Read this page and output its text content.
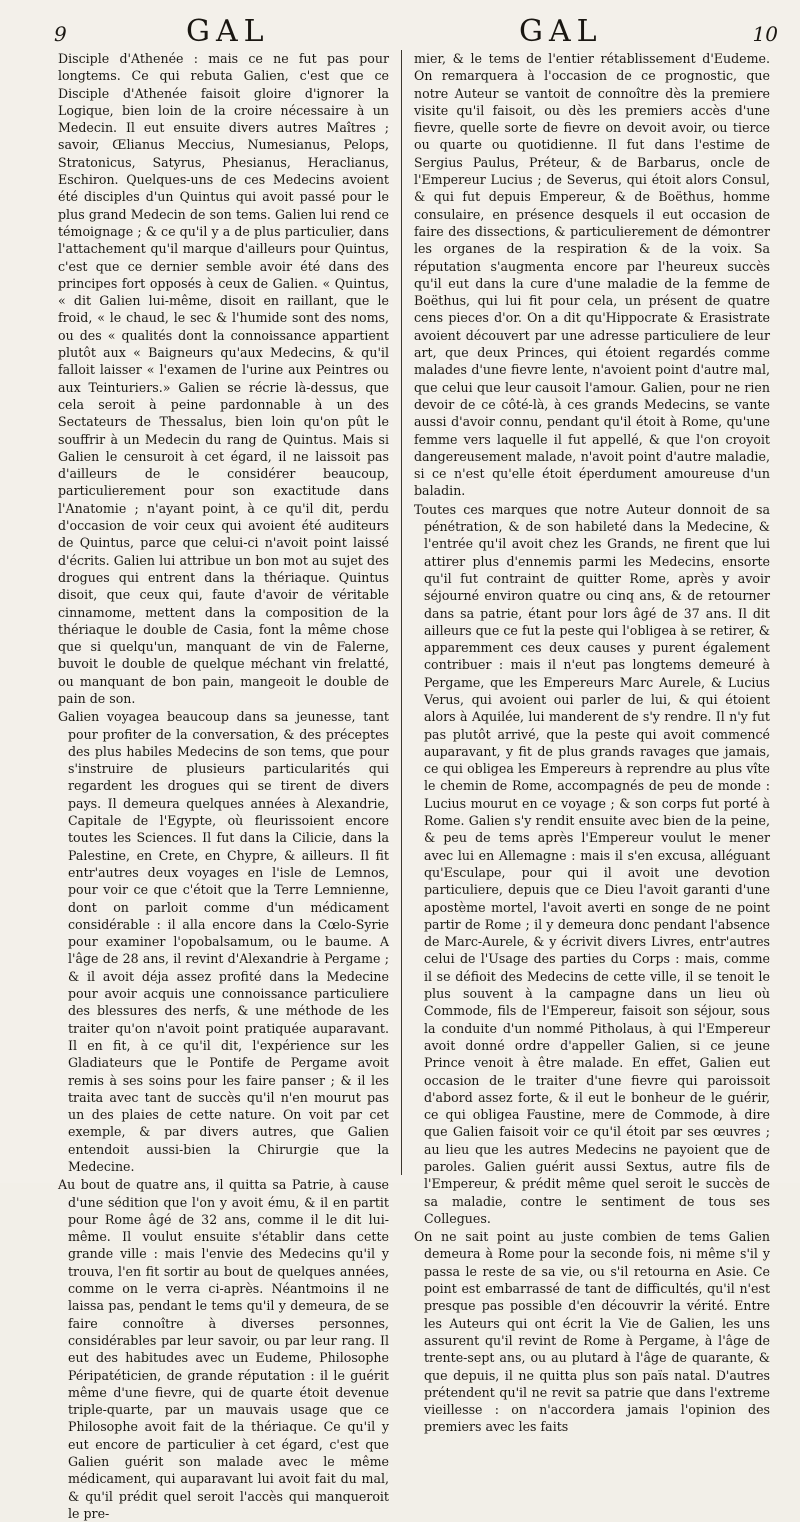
9	GAL	GAL	10

Disciple d'Athenée : mais ce ne fut pas pour longtems. Ce qui rebuta Galien, c'est que ce Disciple d'Athenée faisoit gloire d'ignorer la Logique, bien loin de la croire nécessaire à un Medecin. Il eut ensuite divers autres Maîtres ; savoir, Œlianus Meccius, Numesianus, Pelops, Stratonicus, Satyrus, Phesianus, Heraclianus, Eschiron. Quelques-uns de ces Medecins avoient été disciples d'un Quintus qui avoit passé pour le plus grand Medecin de son tems. Galien lui rend ce témoignage ; & ce qu'il y a de plus particulier, dans l'attachement qu'il marque d'ailleurs pour Quintus, c'est que ce dernier semble avoir été dans des principes fort opposés à ceux de Galien. « Quintus, « dit Galien lui-même, disoit en raillant, que le froid, « le chaud, le sec & l'humide sont des noms, ou des « qualités dont la connoissance appartient plutôt aux « Baigneurs qu'aux Medecins, & qu'il falloit laisser « l'examen de l'urine aux Peintres ou aux Teinturiers.» Galien se récrie là-dessus, que cela seroit à peine pardonnable à un des Sectateurs de Thessalus, bien loin qu'on pût le souffrir à un Medecin du rang de Quintus. Mais si Galien le censuroit à cet égard, il ne laissoit pas d'ailleurs de le considérer beaucoup, particulierement pour son exactitude dans l'Anatomie ; n'ayant point, à ce qu'il dit, perdu d'occasion de voir ceux qui avoient été auditeurs de Quintus, parce que celui-ci n'avoit point laissé d'écrits. Galien lui attribue un bon mot au sujet des drogues qui entrent dans la thériaque. Quintus disoit, que ceux qui, faute d'avoir de véritable cinnamome, mettent dans la composition de la thériaque le double de Casia, font la même chose que si quelqu'un, manquant de vin de Falerne, buvoit le double de quelque méchant vin frelatté, ou manquant de bon pain, mangeoit le double de pain de son.

Galien voyagea beaucoup dans sa jeunesse, tant pour profiter de la conversation, & des préceptes des plus habiles Medecins de son tems, que pour s'instruire de plusieurs particularités qui regardent les drogues qui se tirent de divers pays. Il demeura quelques années à Alexandrie, Capitale de l'Egypte, où fleurissoient encore toutes les Sciences. Il fut dans la Cilicie, dans la Palestine, en Crete, en Chypre, & ailleurs. Il fit entr'autres deux voyages en l'isle de Lemnos, pour voir ce que c'étoit que la Terre Lemnienne, dont on parloit comme d'un médicament considérable : il alla encore dans la Cœlo-Syrie pour examiner l'opobalsamum, ou le baume. A l'âge de 28 ans, il revint d'Alexandrie à Pergame ; & il avoit déja assez profité dans la Medecine pour avoir acquis une connoissance particuliere des blessures des nerfs, & une méthode de les traiter qu'on n'avoit point pratiquée auparavant. Il en fit, à ce qu'il dit, l'expérience sur les Gladiateurs que le Pontife de Pergame avoit remis à ses soins pour les faire panser ; & il les traita avec tant de succès qu'il n'en mourut pas un des plaies de cette nature. On voit par cet exemple, & par divers autres, que Galien entendoit aussi-bien la Chirurgie que la Medecine.

Au bout de quatre ans, il quitta sa Patrie, à cause d'une sédition que l'on y avoit ému, & il en partit pour Rome âgé de 32 ans, comme il le dit lui-même. Il voulut ensuite s'établir dans cette grande ville : mais l'envie des Medecins qu'il y trouva, l'en fit sortir au bout de quelques années, comme on le verra ci-après. Néantmoins il ne laissa pas, pendant le tems qu'il y demeura, de se faire connoître à diverses personnes, considérables par leur savoir, ou par leur rang. Il eut des habitudes avec un Eudeme, Philosophe Péripatéticien, de grande réputation : il le guérit même d'une fievre, qui de quarte étoit devenue triple-quarte, par un mauvais usage que ce Philosophe avoit fait de la thériaque. Ce qu'il y eut encore de particulier à cet égard, c'est que Galien guérit son malade avec le même médicament, qui auparavant lui avoit fait du mal, & qu'il prédit quel seroit l'accès qui manqueroit le pre-

mier, & le tems de l'entier rétablissement d'Eudeme. On remarquera à l'occasion de ce prognostic, que notre Auteur se vantoit de connoître dès la premiere visite qu'il faisoit, ou dès les premiers accès d'une fievre, quelle sorte de fievre on devoit avoir, ou tierce ou quarte ou quotidienne. Il fut dans l'estime de Sergius Paulus, Préteur, & de Barbarus, oncle de l'Empereur Lucius ; de Severus, qui étoit alors Consul, & qui fut depuis Empereur, & de Boëthus, homme consulaire, en présence desquels il eut occasion de faire des dissections, & particulierement de démontrer les organes de la respiration & de la voix. Sa réputation s'augmenta encore par l'heureux succès qu'il eut dans la cure d'une maladie de la femme de Boëthus, qui lui fit pour cela, un présent de quatre cens pieces d'or. On a dit qu'Hippocrate & Erasistrate avoient découvert par une adresse particuliere de leur art, que deux Princes, qui étoient regardés comme malades d'une fievre lente, n'avoient point d'autre mal, que celui que leur causoit l'amour. Galien, pour ne rien devoir de ce côté-là, à ces grands Medecins, se vante aussi d'avoir connu, pendant qu'il étoit à Rome, qu'une femme vers laquelle il fut appellé, & que l'on croyoit dangereusement malade, n'avoit point d'autre maladie, si ce n'est qu'elle étoit éperdument amoureuse d'un baladin.

Toutes ces marques que notre Auteur donnoit de sa pénétration, & de son habileté dans la Medecine, & l'entrée qu'il avoit chez les Grands, ne firent que lui attirer plus d'ennemis parmi les Medecins, ensorte qu'il fut contraint de quitter Rome, après y avoir séjourné environ quatre ou cinq ans, & de retourner dans sa patrie, étant pour lors âgé de 37 ans. Il dit ailleurs que ce fut la peste qui l'obligea à se retirer, & apparemment ces deux causes y purent également contribuer : mais il n'eut pas longtems demeuré à Pergame, que les Empereurs Marc Aurele, & Lucius Verus, qui avoient oui parler de lui, & qui étoient alors à Aquilée, lui manderent de s'y rendre. Il n'y fut pas plutôt arrivé, que la peste qui avoit commencé auparavant, y fit de plus grands ravages que jamais, ce qui obligea les Empereurs à reprendre au plus vîte le chemin de Rome, accompagnés de peu de monde : Lucius mourut en ce voyage ; & son corps fut porté à Rome. Galien s'y rendit ensuite avec bien de la peine, & peu de tems après l'Empereur voulut le mener avec lui en Allemagne : mais il s'en excusa, alléguant qu'Esculape, pour qui il avoit une devotion particuliere, depuis que ce Dieu l'avoit garanti d'une apostème mortel, l'avoit averti en songe de ne point partir de Rome ; il y demeura donc pendant l'absence de Marc-Aurele, & y écrivit divers Livres, entr'autres celui de l'Usage des parties du Corps : mais, comme il se défioit des Medecins de cette ville, il se tenoit le plus souvent à la campagne dans un lieu où Commode, fils de l'Empereur, faisoit son séjour, sous la conduite d'un nommé Pitholaus, à qui l'Empereur avoit donné ordre d'appeller Galien, si ce jeune Prince venoit à être malade. En effet, Galien eut occasion de le traiter d'une fievre qui paroissoit d'abord assez forte, & il eut le bonheur de le guérir, ce qui obligea Faustine, mere de Commode, à dire que Galien faisoit voir ce qu'il étoit par ses œuvres ; au lieu que les autres Medecins ne payoient que de paroles. Galien guérit aussi Sextus, autre fils de l'Empereur, & prédit même quel seroit le succès de sa maladie, contre le sentiment de tous ses Collegues.

On ne sait point au juste combien de tems Galien demeura à Rome pour la seconde fois, ni même s'il y passa le reste de sa vie, ou s'il retourna en Asie. Ce point est embarrassé de tant de difficultés, qu'il n'est presque pas possible d'en découvrir la vérité. Entre les Auteurs qui ont écrit la Vie de Galien, les uns assurent qu'il revint de Rome à Pergame, à l'âge de trente-sept ans, ou au plutard à l'âge de quarante, & que depuis, il ne quitta plus son païs natal. D'autres prétendent qu'il ne revit sa patrie que dans l'extreme vieillesse : on n'accordera jamais l'opinion des premiers avec les faits
